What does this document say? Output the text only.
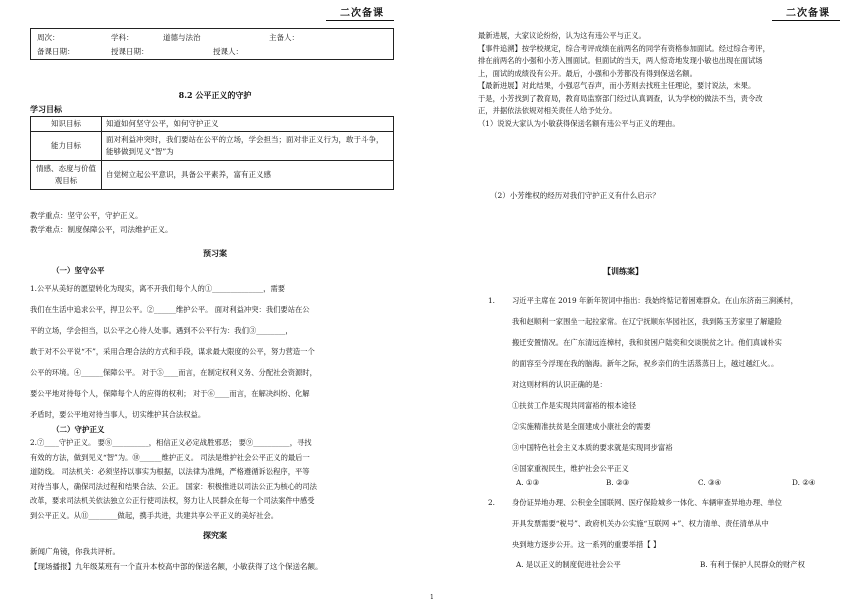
二次备课
周次：	学科：	道德与法治	主备人：
备课日期：	授课日期：	授课人：
8.2 公平正义的守护
学习目标
知识目标	知道如何坚守公平，如何守护正义
能力目标	面对利益冲突时，我们要站在公平的立场，学会担当；面对非正义行为，敢于斗争，能够做到见义“智”为
情感、态度与价值观目标	自觉树立起公平意识，具备公平素养，富有正义感
教学重点：坚守公平，守护正义。
教学难点：制度保障公平，司法维护正义。
预习案
（一）坚守公平
1.公平从美好的愿望转化为现实，离不开我们每个人的①______________，需要
我们在生活中追求公平，捍卫公平。②______维护公平。 面对利益冲突：我们要站在公
平的立场，学会担当，以公平之心待人处事。遇到不公平行为：我们③________，
敢于对不公平说“不”，采用合理合法的方式和手段，谋求最大限度的公平，努力营造一个
公平的环境。④______保障公平。 对于⑤____而言，在制定权利义务、分配社会资源时，
要公平地对待每个人，保障每个人的应得的权利； 对于⑥____而言，在解决纠纷、化解
矛盾时，要公平地对待当事人，切实维护其合法权益。
（二）守护正义
2.⑦____守护正义。 要⑧__________，相信正义必定战胜邪恶； 要⑨__________，寻找
有效的方法，做到见义“智”为。⑩______维护正义。 司法是维护社会公平正义的最后一
道防线。 司法机关：必须坚持以事实为根据，以法律为准绳，严格遵循诉讼程序，平等
对待当事人，确保司法过程和结果合法、公正。 国家：积极推进以司法公正为核心的司法
改革，要求司法机关依法独立公正行使司法权，努力让人民群众在每一个司法案件中感受
到公平正义。从⑪________做起，携手共进，共建共享公平正义的美好社会。
探究案
新闻广角镜，你我共评析。
【现场播报】九年级某班有一个直升本校高中部的保送名额，小敏获得了这个保送名额。
二次备课
最新进展，大家议论纷纷，认为这有违公平与正义。
【事件追溯】按学校规定，综合考评成绩在前两名的同学有资格参加面试。经过综合考评，
排在前两名的小强和小芳入围面试。但面试的当天，两人惊奇地发现小敏也出现在面试场
上，面试的成绩没有公开。最后，小强和小芳都没有得到保送名额。
【最新进展】对此结果，小强忍气吞声，而小芳则去找班主任理论，要讨说法，未果。
于是，小芳找到了教育局，教育局监察部门经过认真调查，认为学校的做法不当，责令改
正，并据依法依规对相关责任人给予处分。
（1）说说大家认为小敏获得保送名额有违公平与正义的理由。
（2）小芳维权的经历对我们守护正义有什么启示？
【训练案】
1. 习近平主席在 2019 年新年贺词中指出：我始终惦记着困难群众。在山东济南三涧溪村，
我和赵顺利一家围坐一起拉家常。在辽宁抚顺东华园社区，我到陈玉芳家里了解避险
搬迁安置情况。在广东清远连樟村，我和贫困户陆奕和交谈脱贫之计。他们真诚朴实
的面容至今浮现在我的脑海。新年之际，祝乡亲们的生活蒸蒸日上，越过越红火。。
对这则材料的认识正确的是：
①扶贫工作是实现共同富裕的根本途径
②实施精准扶贫是全面建成小康社会的需要
③中国特色社会主义本质的要求就是实现同步富裕
④国家重视民生，维护社会公平正义
A. ①③	B. ②③	C. ③④	D. ②④
2. 身份证异地办理、公积金全国联网、医疗保险城乡一体化、车辆审查异地办理、单位
开具发票需要“税号”、政府机关办公实施“互联网 +”、权力清单、责任清单从中
央到地方逐步公开。这一系列的重要举措【 】
A. 是以正义的制度促进社会公平	B. 有利于保护人民群众的财产权
1
